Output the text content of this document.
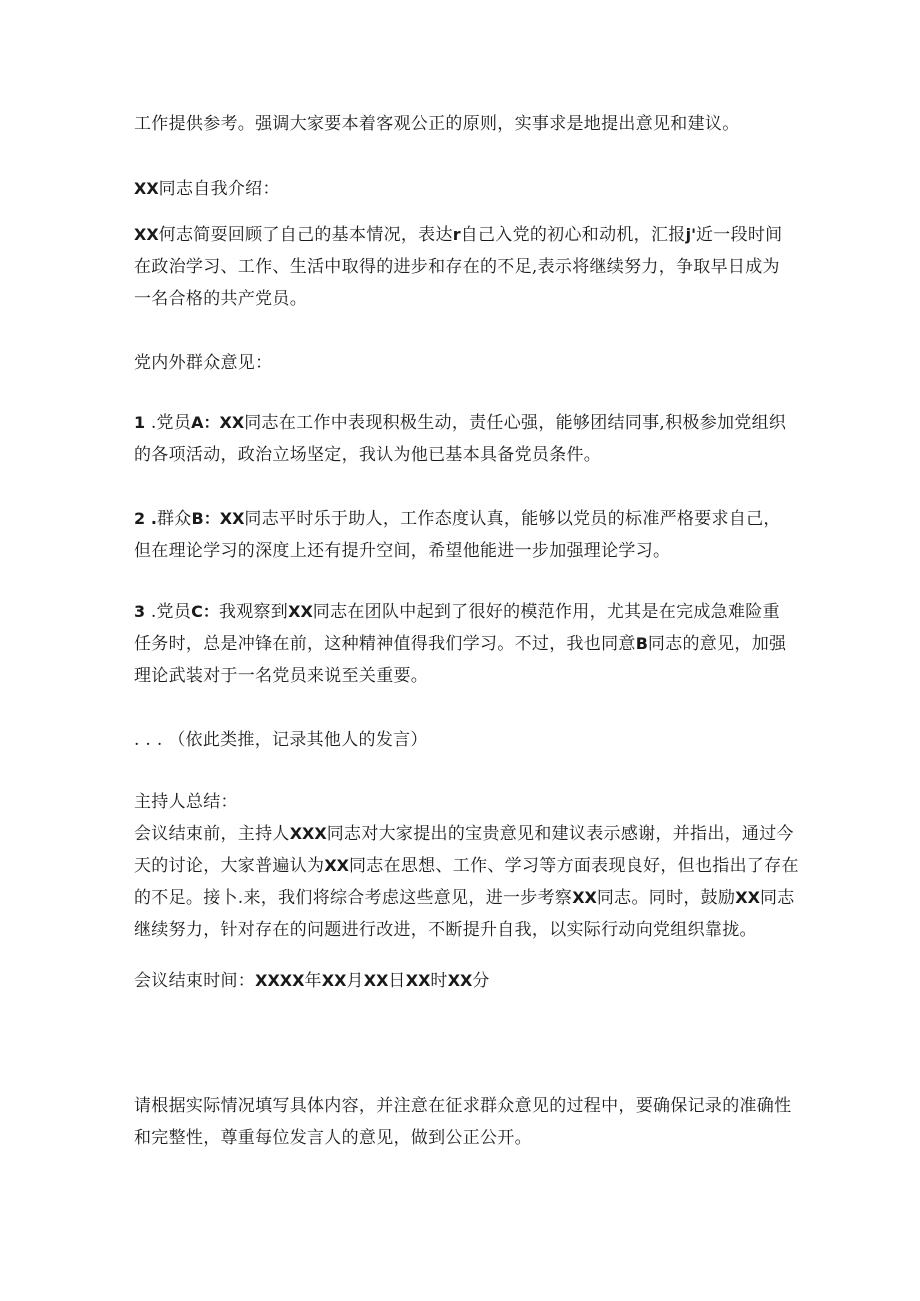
工作提供参考。强调大家要本着客观公正的原则，实事求是地提出意见和建议。
XX同志自我介绍：
XX何志简耍回顾了自己的基本情况，表达r自己入党的初心和动机，汇报j'近一段时间
在政治学习、工作、生活中取得的进步和存在的不足,表示将继续努力，争取早日成为
一名合格的共产党员。
党内外群众意见：
1 .党员A：XX同志在工作中表现积极生动，责任心强，能够团结同事,积极参加党组织
的各项活动，政治立场坚定，我认为他已基本具备党员条件。
2 .群众B：XX同志平时乐于助人，工作态度认真，能够以党员的标准严格要求自己，
但在理论学习的深度上还有提升空间，希望他能进一步加强理论学习。
3 .党员C：我观察到XX同志在团队中起到了很好的模范作用，尤其是在完成急难险重
任务时，总是冲锋在前，这种精神值得我们学习。不过，我也同意B同志的意见，加强
理论武装对于一名党员来说至关重要。
. . . （依此类推，记录其他人的发言）
主持人总结：
会议结束前，主持人XXX同志对大家提出的宝贵意见和建议表示感谢，并指出，通过今
天的讨论，大家普遍认为XX同志在思想、工作、学习等方面表现良好，但也指出了存在
的不足。接卜.来，我们将综合考虑这些意见，进一步考察XX同志。同时，鼓励XX同志
继续努力，针对存在的问题进行改进，不断提升自我，以实际行动向党组织靠拢。
会议结束时间：XXXX年XX月XX日XX时XX分
请根据实际情况填写具体内容，并注意在征求群众意见的过程中，要确保记录的准确性
和完整性，尊重每位发言人的意见，做到公正公开。
